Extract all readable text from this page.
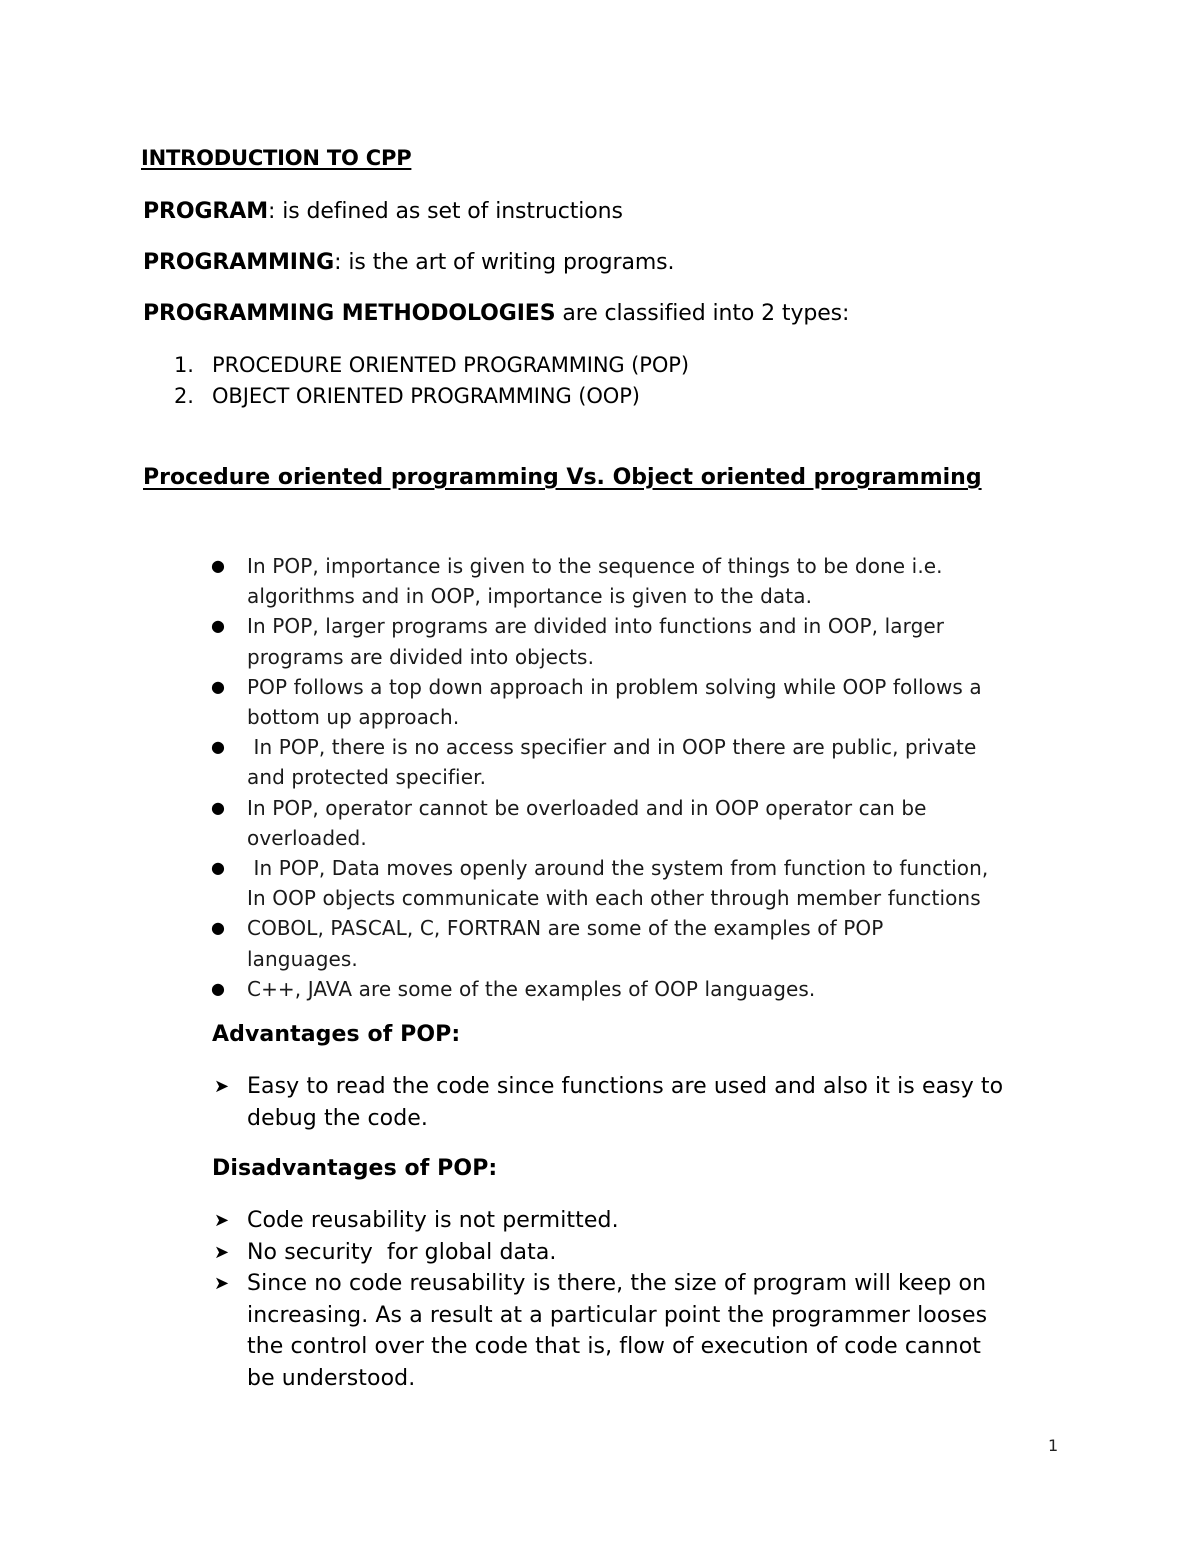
INTRODUCTION TO CPP
PROGRAM: is defined as set of instructions
PROGRAMMING: is the art of writing programs.
PROGRAMMING METHODOLOGIES are classified into 2 types:
1. PROCEDURE ORIENTED PROGRAMMING (POP)
2. OBJECT ORIENTED PROGRAMMING (OOP)
Procedure oriented programming Vs. Object oriented programming
● In POP, importance is given to the sequence of things to be done i.e.
algorithms and in OOP, importance is given to the data.
● In POP, larger programs are divided into functions and in OOP, larger
programs are divided into objects.
● POP follows a top down approach in problem solving while OOP follows a
bottom up approach.
●	In POP, there is no access specifier and in OOP there are public, private
and protected specifier.
● In POP, operator cannot be overloaded and in OOP operator can be
overloaded.
●	In POP, Data moves openly around the system from function to function,
In OOP objects communicate with each other through member functions
● COBOL, PASCAL, C, FORTRAN are some of the examples of POP
languages.
● C++, JAVA are some of the examples of OOP languages.
Advantages of POP:
➤ Easy to read the code since functions are used and also it is easy to
debug the code.
Disadvantages of POP:
➤ Code reusability is not permitted.
➤ No security  for global data.
➤ Since no code reusability is there, the size of program will keep on
increasing. As a result at a particular point the programmer looses
the control over the code that is, flow of execution of code cannot
be understood.
1
